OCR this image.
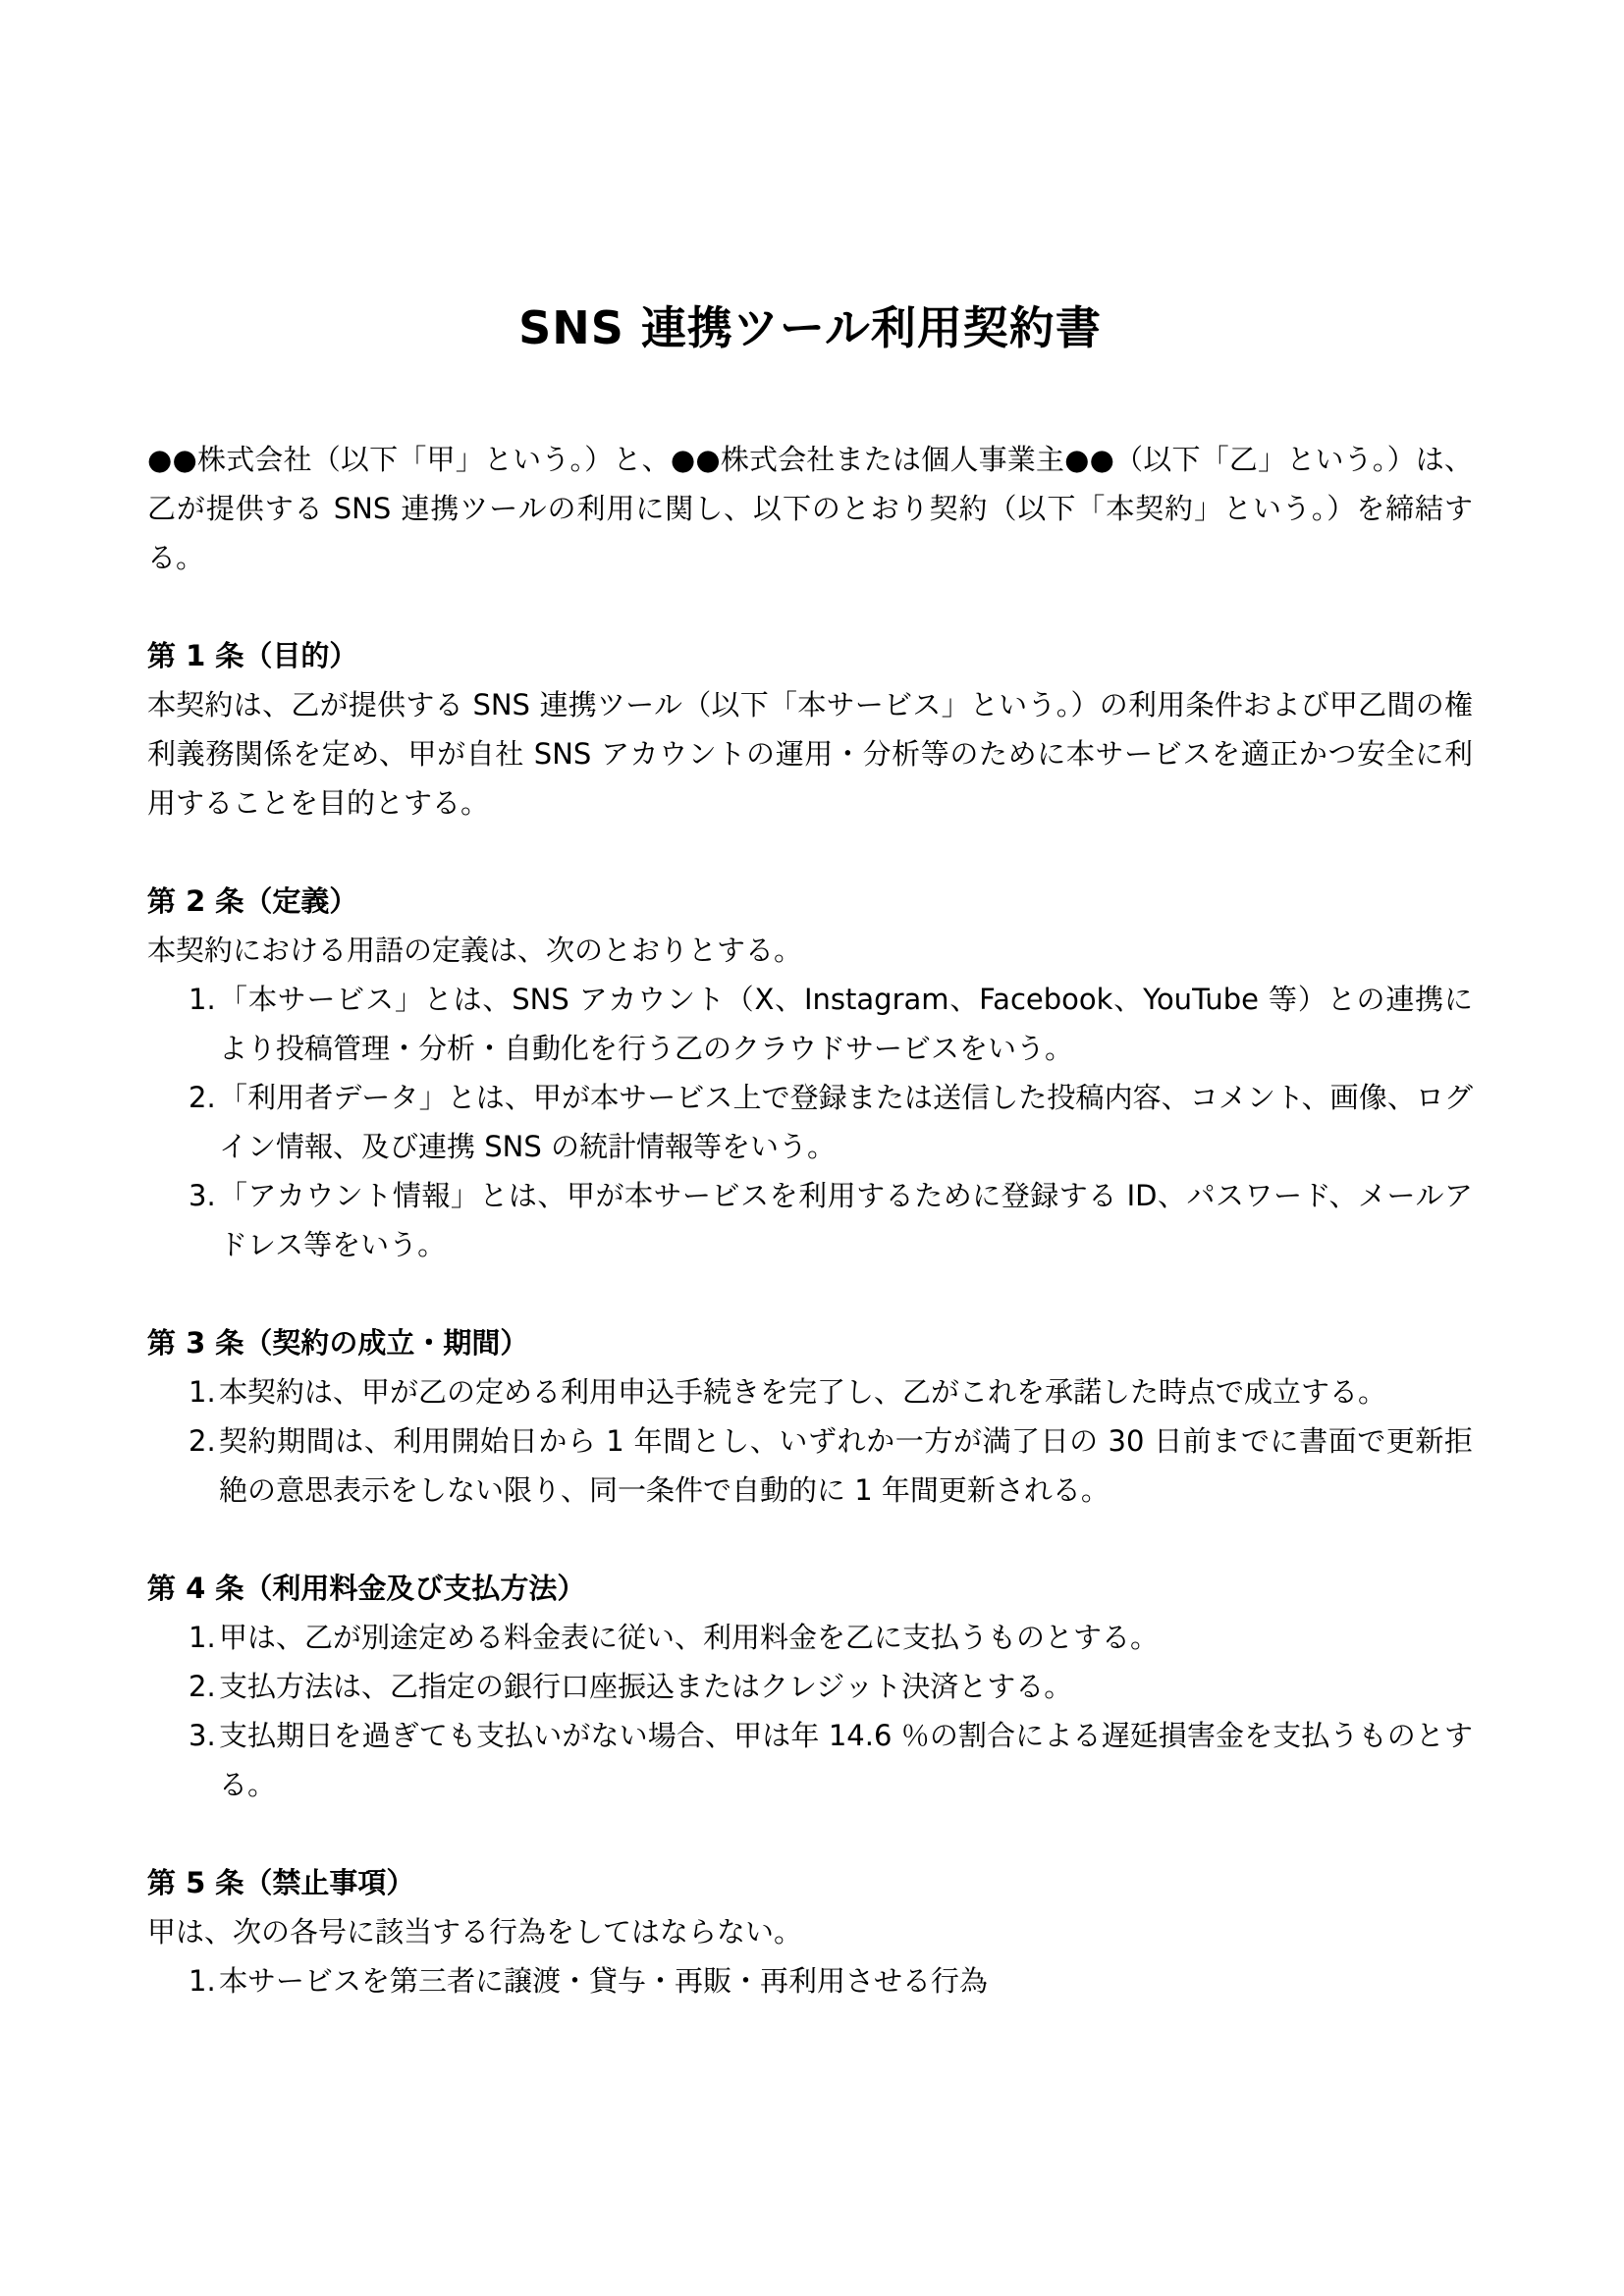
SNS 連携ツール利用契約書

●●株式会社（以下「甲」という。）と、●●株式会社または個人事業主●●（以下「乙」という。）は、乙が提供する SNS 連携ツールの利用に関し、以下のとおり契約（以下「本契約」という。）を締結する。

第 1 条（目的）

本契約は、乙が提供する SNS 連携ツール（以下「本サービス」という。）の利用条件および甲乙間の権利義務関係を定め、甲が自社 SNS アカウントの運用・分析等のために本サービスを適正かつ安全に利用することを目的とする。

第 2 条（定義）

本契約における用語の定義は、次のとおりとする。

1. 「本サービス」とは、SNS アカウント（X、Instagram、Facebook、YouTube 等）との連携により投稿管理・分析・自動化を行う乙のクラウドサービスをいう。
2. 「利用者データ」とは、甲が本サービス上で登録または送信した投稿内容、コメント、画像、ログイン情報、及び連携 SNS の統計情報等をいう。
3. 「アカウント情報」とは、甲が本サービスを利用するために登録する ID、パスワード、メールアドレス等をいう。
第 3 条（契約の成立・期間）
1. 本契約は、甲が乙の定める利用申込手続きを完了し、乙がこれを承諾した時点で成立する。
2. 契約期間は、利用開始日から 1 年間とし、いずれか一方が満了日の 30 日前までに書面で更新拒絶の意思表示をしない限り、同一条件で自動的に 1 年間更新される。
第 4 条（利用料金及び支払方法）
1. 甲は、乙が別途定める料金表に従い、利用料金を乙に支払うものとする。
2. 支払方法は、乙指定の銀行口座振込またはクレジット決済とする。
3. 支払期日を過ぎても支払いがない場合、甲は年 14.6 ％の割合による遅延損害金を支払うものとする。
第 5 条（禁止事項）

甲は、次の各号に該当する行為をしてはならない。

1. 本サービスを第三者に譲渡・貸与・再販・再利用させる行為
